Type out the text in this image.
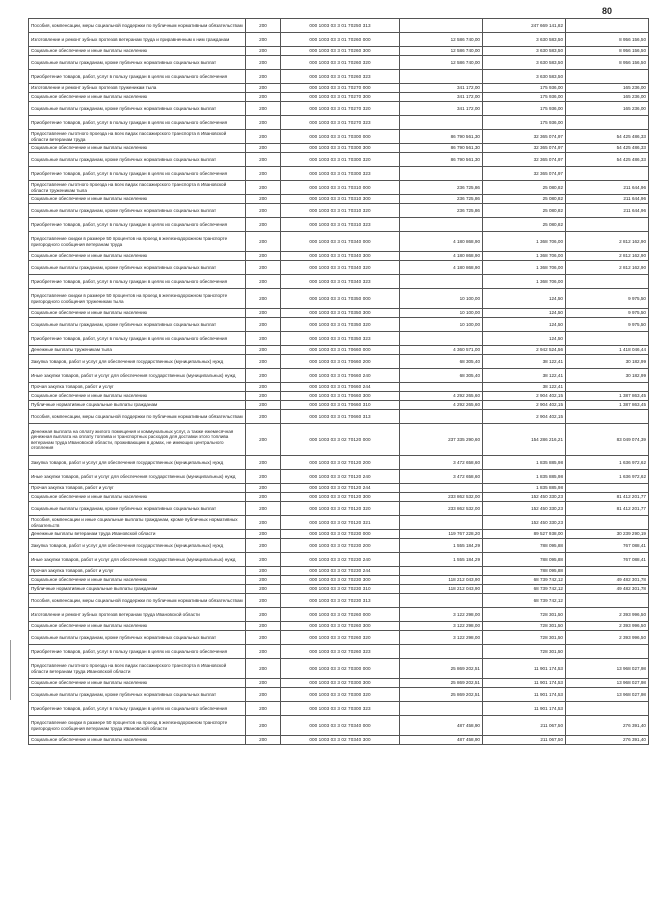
80
Пособия, компенсации, меры социальной поддержки по публичным нормативным обязательствам	200	000 1003 03 3 01 70250 313		247 669 141,82	
Изготовление и ремонт зубных протезов ветеранам труда и приравненным к ним гражданам	200	000 1003 03 3 01 70260 000	12 586 740,00	3 630 583,50	8 956 156,50
Социальное обеспечение и иные выплаты населению	200	000 1003 03 3 01 70260 300	12 586 740,00	3 630 583,50	8 956 156,50
Социальные выплаты гражданам, кроме публичных нормативных социальных выплат	200	000 1003 03 3 01 70260 320	12 586 740,00	3 630 583,50	8 956 156,50
Приобретение товаров, работ, услуг в пользу граждан в целях их социального обеспечения	200	000 1003 03 3 01 70260 323		3 630 583,50	
Изготовление и ремонт зубных протезов труженикам тыла	200	000 1003 03 3 01 70270 000	341 172,00	175 936,00	165 236,00
Социальное обеспечение и иные выплаты населению	200	000 1003 03 3 01 70270 300	341 172,00	175 936,00	165 236,00
Социальные выплаты гражданам, кроме публичных нормативных социальных выплат	200	000 1003 03 3 01 70270 320	341 172,00	175 936,00	165 236,00
Приобретение товаров, работ, услуг в пользу граждан в целях их социального обеспечения	200	000 1003 03 3 01 70270 323		175 936,00	
Предоставление льготного проезда на всех видах пассажирского транспорта в Ивановской области ветеранам труда	200	000 1003 03 3 01 70300 000	86 790 561,30	32 365 074,97	54 425 486,33
Социальное обеспечение и иные выплаты населению	200	000 1003 03 3 01 70300 300	86 790 561,30	32 365 074,97	54 425 486,33
Социальные выплаты гражданам, кроме публичных нормативных социальных выплат	200	000 1003 03 3 01 70300 320	86 790 561,30	32 365 074,97	54 425 486,33
Приобретение товаров, работ, услуг в пользу граждан в целях их социального обеспечения	200	000 1003 03 3 01 70300 323		32 365 074,97	
Предоставление льготного проезда на всех видах пассажирского транспорта в Ивановской области труженикам тыла	200	000 1003 03 3 01 70310 000	236 725,86	25 080,82	211 644,96
Социальное обеспечение и иные выплаты населению	200	000 1003 03 3 01 70310 300	236 725,86	25 080,82	211 644,96
Социальные выплаты гражданам, кроме публичных нормативных социальных выплат	200	000 1003 03 3 01 70310 320	236 725,86	25 080,82	211 644,96
Приобретение товаров, работ, услуг в пользу граждан в целях их социального обеспечения	200	000 1003 03 3 01 70310 323		25 080,82	
Предоставление скидки в размере 50 процентов на проезд в железнодорожном транспорте пригородного сообщения ветеранам труда	200	000 1003 03 3 01 70340 000	4 180 868,90	1 368 706,00	2 812 162,90
Социальное обеспечение и иные выплаты населению	200	000 1003 03 3 01 70340 300	4 180 868,90	1 368 706,00	2 812 162,90
Социальные выплаты гражданам, кроме публичных нормативных социальных выплат	200	000 1003 03 3 01 70340 320	4 180 868,90	1 368 706,00	2 812 162,90
Приобретение товаров, работ, услуг в пользу граждан в целях их социального обеспечения	200	000 1003 03 3 01 70340 323		1 368 706,00	
Предоставление скидки в размере 50 процентов на проезд в железнодорожном транспорте пригородного сообщения труженикам тыла	200	000 1003 03 3 01 70350 000	10 100,00	124,50	9 975,50
Социальное обеспечение и иные выплаты населению	200	000 1003 03 3 01 70350 300	10 100,00	124,50	9 975,50
Социальные выплаты гражданам, кроме публичных нормативных социальных выплат	200	000 1003 03 3 01 70350 320	10 100,00	124,50	9 975,50
Приобретение товаров, работ, услуг в пользу граждан в целях их социального обеспечения	200	000 1003 03 3 01 70350 323		124,50	
Денежные выплаты труженикам тыла	200	000 1003 03 3 01 70660 000	4 360 571,00	2 942 524,56	1 418 046,44
Закупка товаров, работ и услуг для обеспечения государственных (муниципальных) нужд	200	000 1003 03 3 01 70660 200	68 305,40	38 122,41	30 182,99
Иные закупки товаров, работ и услуг для обеспечения государственных (муниципальных) нужд	200	000 1003 03 3 01 70660 240	68 305,40	38 122,41	30 182,99
Прочая закупка товаров, работ и услуг	200	000 1003 03 3 01 70660 244		38 122,41	
Социальное обеспечение и иные выплаты населению	200	000 1003 03 3 01 70660 300	4 292 265,60	2 904 402,15	1 387 863,45
Публичные нормативные социальные выплаты гражданам	200	000 1003 03 3 01 70660 310	4 292 265,60	2 904 402,15	1 387 863,45
Пособия, компенсации, меры социальной поддержки по публичным нормативным обязательствам	200	000 1003 03 3 01 70660 313		2 904 402,15	
Денежная выплата на оплату жилого помещения и коммунальных услуг, а также ежемесячная денежная выплата на оплату топлива и транспортных расходов для доставки этого топлива ветеранам труда Ивановской области, проживающим в домах, не имеющих центрального отопления	200	000 1003 03 3 02 70120 000	237 335 290,60	154 286 216,21	83 049 074,39
Закупка товаров, работ и услуг для обеспечения государственных (муниципальных) нужд	200	000 1003 03 3 02 70120 200	3 472 658,60	1 835 885,98	1 636 972,62
Иные закупки товаров, работ и услуг для обеспечения государственных (муниципальных) нужд	200	000 1003 03 3 02 70120 240	3 472 658,60	1 835 885,98	1 636 972,62
Прочая закупка товаров, работ и услуг	200	000 1003 03 3 02 70120 244		1 835 885,98	
Социальное обеспечение и иные выплаты населению	200	000 1003 03 3 02 70120 300	233 862 532,00	152 450 330,23	81 412 201,77
Социальные выплаты гражданам, кроме публичных нормативных социальных выплат	200	000 1003 03 3 02 70120 320	233 862 532,00	152 450 330,23	81 412 201,77
Пособия, компенсации и иные социальные выплаты гражданам, кроме публичных нормативных обязательств	200	000 1003 03 3 02 70120 321		152 450 330,23	
Денежные выплаты ветеранам труда Ивановской области	200	000 1003 03 3 02 70230 000	119 767 228,20	89 527 938,00	30 239 290,19
Закупка товаров, работ и услуг для обеспечения государственных (муниципальных) нужд	200	000 1003 03 3 02 70230 200	1 555 184,29	788 095,88	767 088,41
Иные закупки товаров, работ и услуг для обеспечения государственных (муниципальных) нужд	200	000 1003 03 3 02 70230 240	1 555 184,29	788 095,88	767 088,41
Прочая закупка товаров, работ и услуг	200	000 1003 03 3 02 70230 244		788 095,88	
Социальное обеспечение и иные выплаты населению	200	000 1003 03 3 02 70230 300	118 212 043,90	68 739 742,12	49 482 301,78
Публичные нормативные социальные выплаты гражданам	200	000 1003 03 3 02 70230 310	118 212 043,90	68 739 742,12	49 482 301,78
Пособия, компенсации, меры социальной поддержки по публичным нормативным обязательствам	200	000 1003 03 3 02 70230 313		68 739 742,12	
Изготовление и ремонт зубных протезов ветеранам труда Ивановской области	200	000 1003 03 3 02 70260 000	3 122 298,00	728 301,50	2 393 996,50
Социальное обеспечение и иные выплаты населению	200	000 1003 03 3 02 70260 300	3 122 298,00	728 301,50	2 393 996,50
Социальные выплаты гражданам, кроме публичных нормативных социальных выплат	200	000 1003 03 3 02 70260 320	3 122 298,00	728 301,50	2 393 996,50
Приобретение товаров, работ, услуг в пользу граждан в целях их социального обеспечения	200	000 1003 03 3 02 70260 323		728 301,50	
Предоставление льготного проезда на всех видах пассажирского транспорта в Ивановской области ветеранам труда Ивановской области	200	000 1003 03 3 02 70300 000	25 869 202,51	11 901 174,53	13 968 027,98
Социальное обеспечение и иные выплаты населению	200	000 1003 03 3 02 70300 300	25 869 202,51	11 901 174,53	13 968 027,98
Социальные выплаты гражданам, кроме публичных нормативных социальных выплат	200	000 1003 03 3 02 70300 320	25 869 202,51	11 901 174,53	13 968 027,98
Приобретение товаров, работ, услуг в пользу граждан в целях их социального обеспечения	200	000 1003 03 3 02 70300 323		11 901 174,53	
Предоставление скидки в размере 50 процентов на проезд в железнодорожном транспорте пригородного сообщения ветеранам труда Ивановской области	200	000 1003 03 3 02 70340 000	487 458,90	211 067,50	276 391,40
Социальное обеспечение и иные выплаты населению	200	000 1003 03 3 02 70340 300	487 458,90	211 067,50	276 391,40
